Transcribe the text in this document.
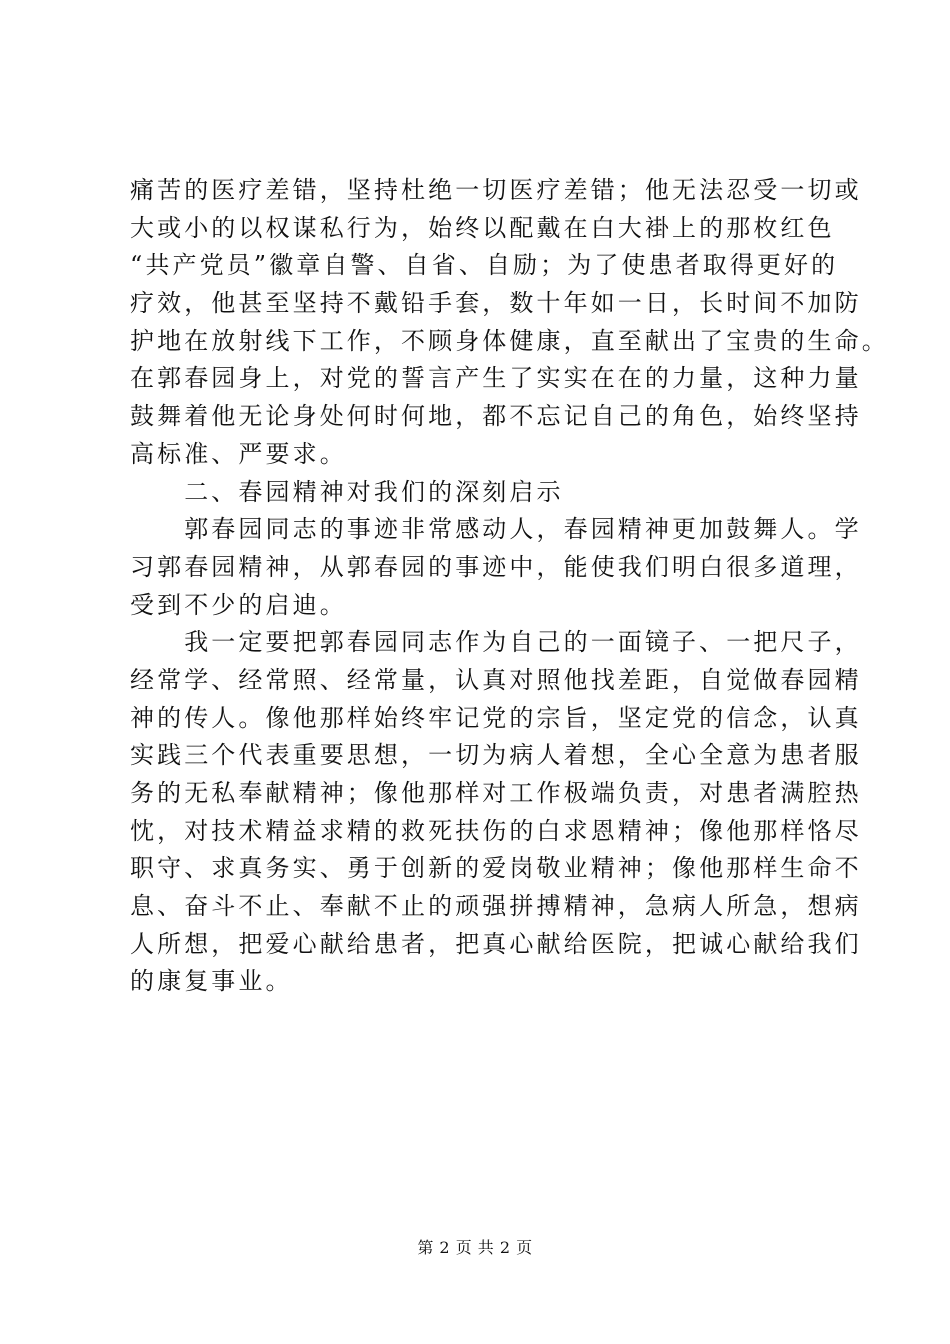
痛苦的医疗差错，坚持杜绝一切医疗差错；他无法忍受一切或
大或小的以权谋私行为，始终以配戴在白大褂上的那枚红色
“共产党员”徽章自警、自省、自励；为了使患者取得更好的
疗效，他甚至坚持不戴铅手套，数十年如一日，长时间不加防
护地在放射线下工作，不顾身体健康，直至献出了宝贵的生命。
在郭春园身上，对党的誓言产生了实实在在的力量，这种力量
鼓舞着他无论身处何时何地，都不忘记自己的角色，始终坚持
高标准、严要求。
　　二、春园精神对我们的深刻启示
　　郭春园同志的事迹非常感动人，春园精神更加鼓舞人。学
习郭春园精神，从郭春园的事迹中，能使我们明白很多道理，
受到不少的启迪。
　　我一定要把郭春园同志作为自己的一面镜子、一把尺子，
经常学、经常照、经常量，认真对照他找差距，自觉做春园精
神的传人。像他那样始终牢记党的宗旨，坚定党的信念，认真
实践三个代表重要思想，一切为病人着想，全心全意为患者服
务的无私奉献精神；像他那样对工作极端负责，对患者满腔热
忱，对技术精益求精的救死扶伤的白求恩精神；像他那样恪尽
职守、求真务实、勇于创新的爱岗敬业精神；像他那样生命不
息、奋斗不止、奉献不止的顽强拼搏精神，急病人所急，想病
人所想，把爱心献给患者，把真心献给医院，把诚心献给我们
的康复事业。
第 2 页 共 2 页
